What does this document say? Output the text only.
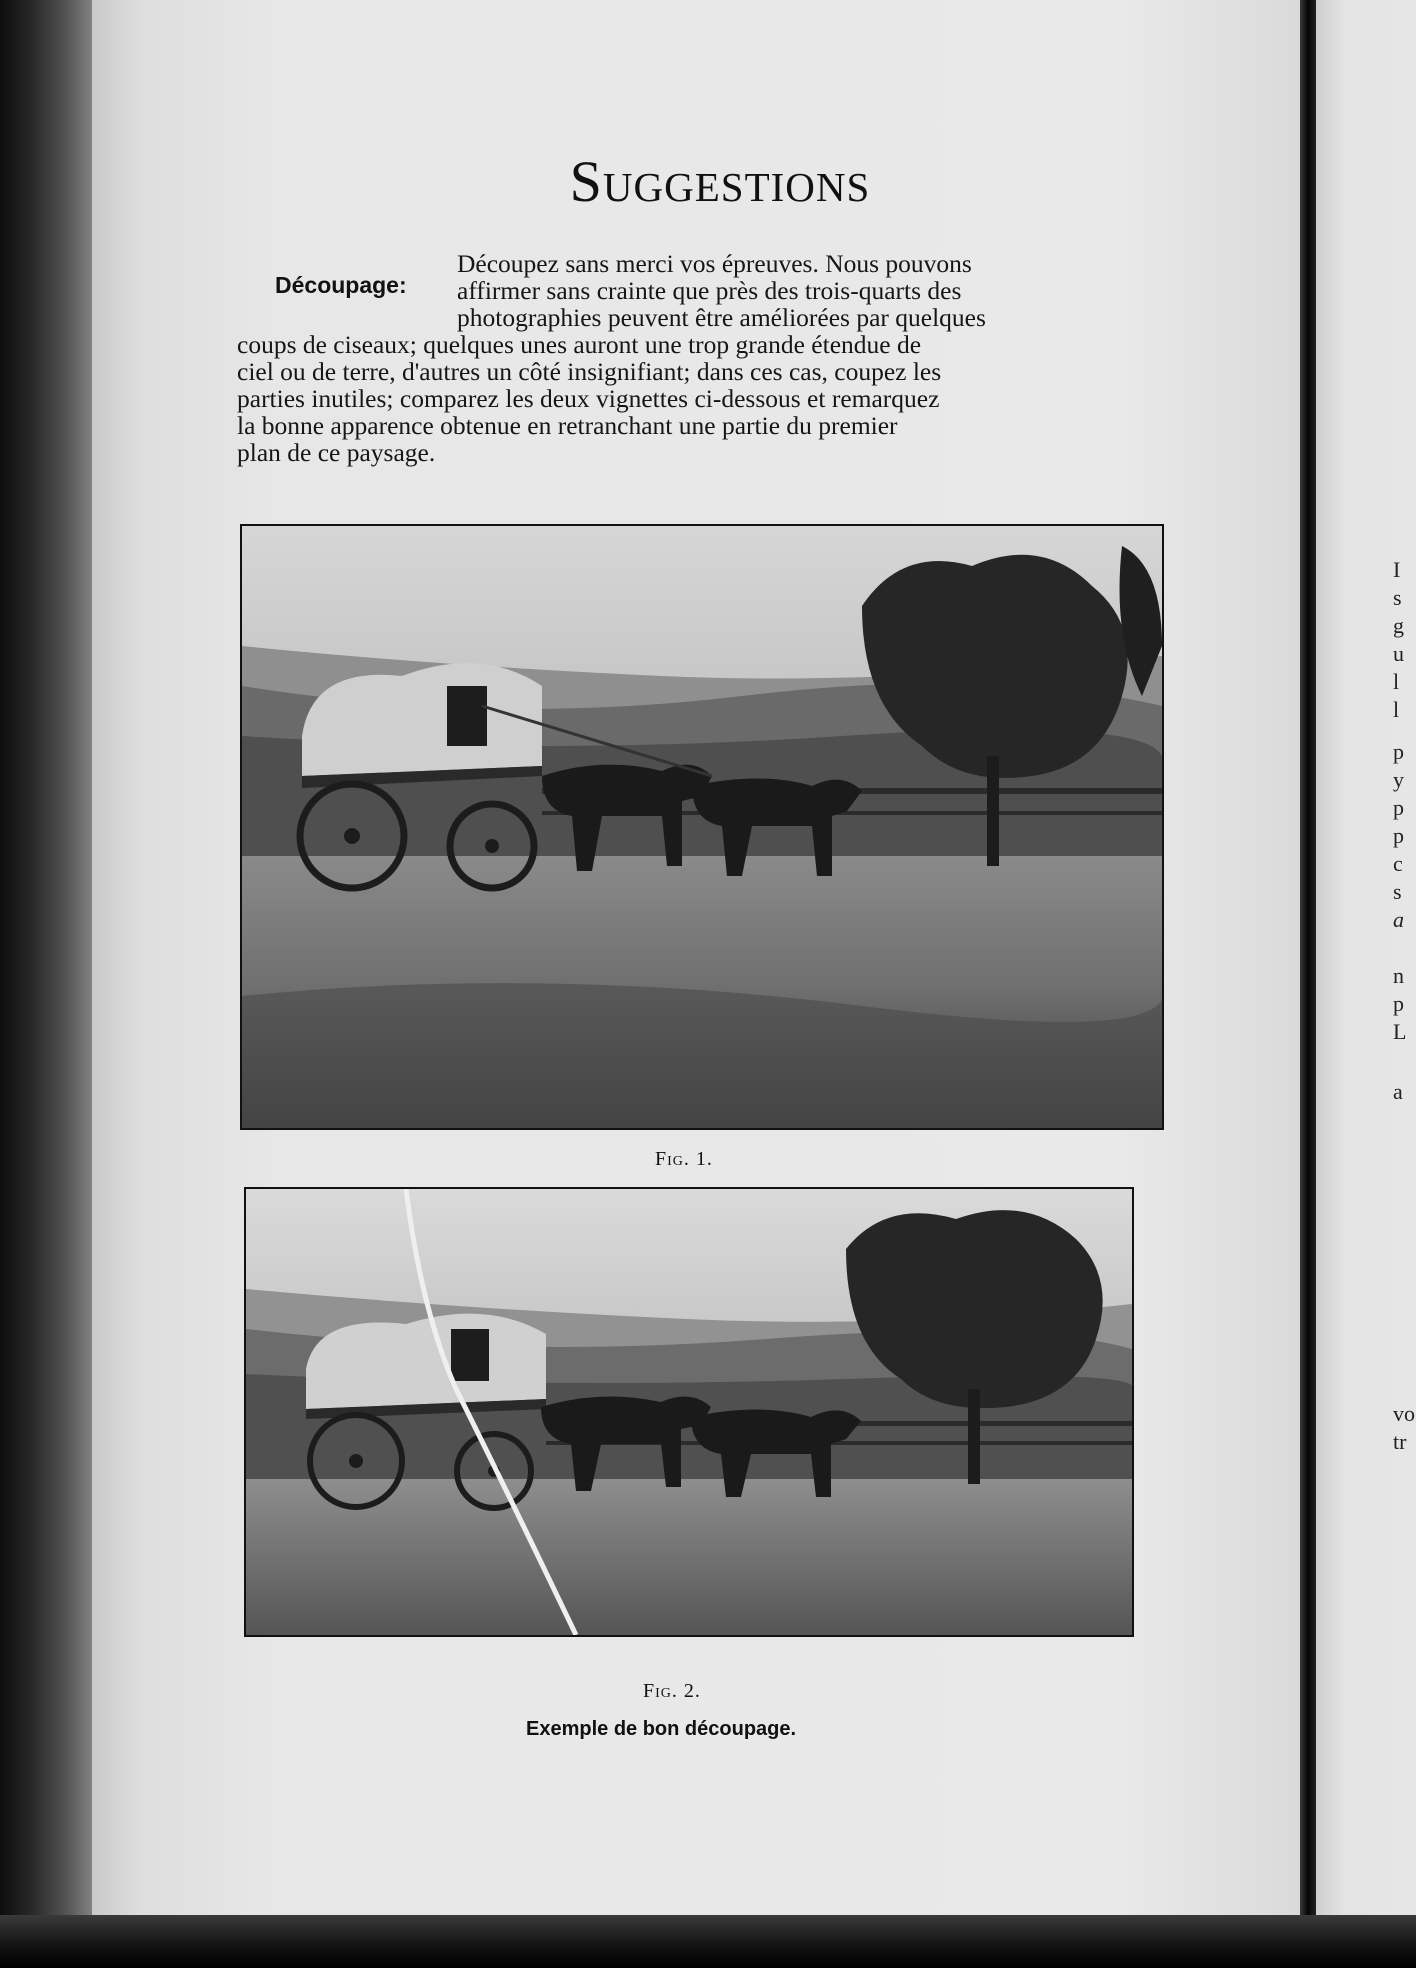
Suggestions
Découpez sans merci vos épreuves. Nous pouvons
affirmer sans crainte que près des trois-quarts des
photographies peuvent être améliorées par quelques
coups de ciseaux; quelques unes auront une trop grande étendue de
ciel ou de terre, d'autres un côté insignifiant; dans ces cas, coupez les
parties inutiles; comparez les deux vignettes ci-dessous et remarquez
la bonne apparence obtenue en retranchant une partie du premier
plan de ce paysage.
Découpage:
Fig. 1.
Fig. 2.
Exemple de bon découpage.
I
s
g
u
l
l
p
y
p
p
c
s
a
n
p
L
a
vo
tr
